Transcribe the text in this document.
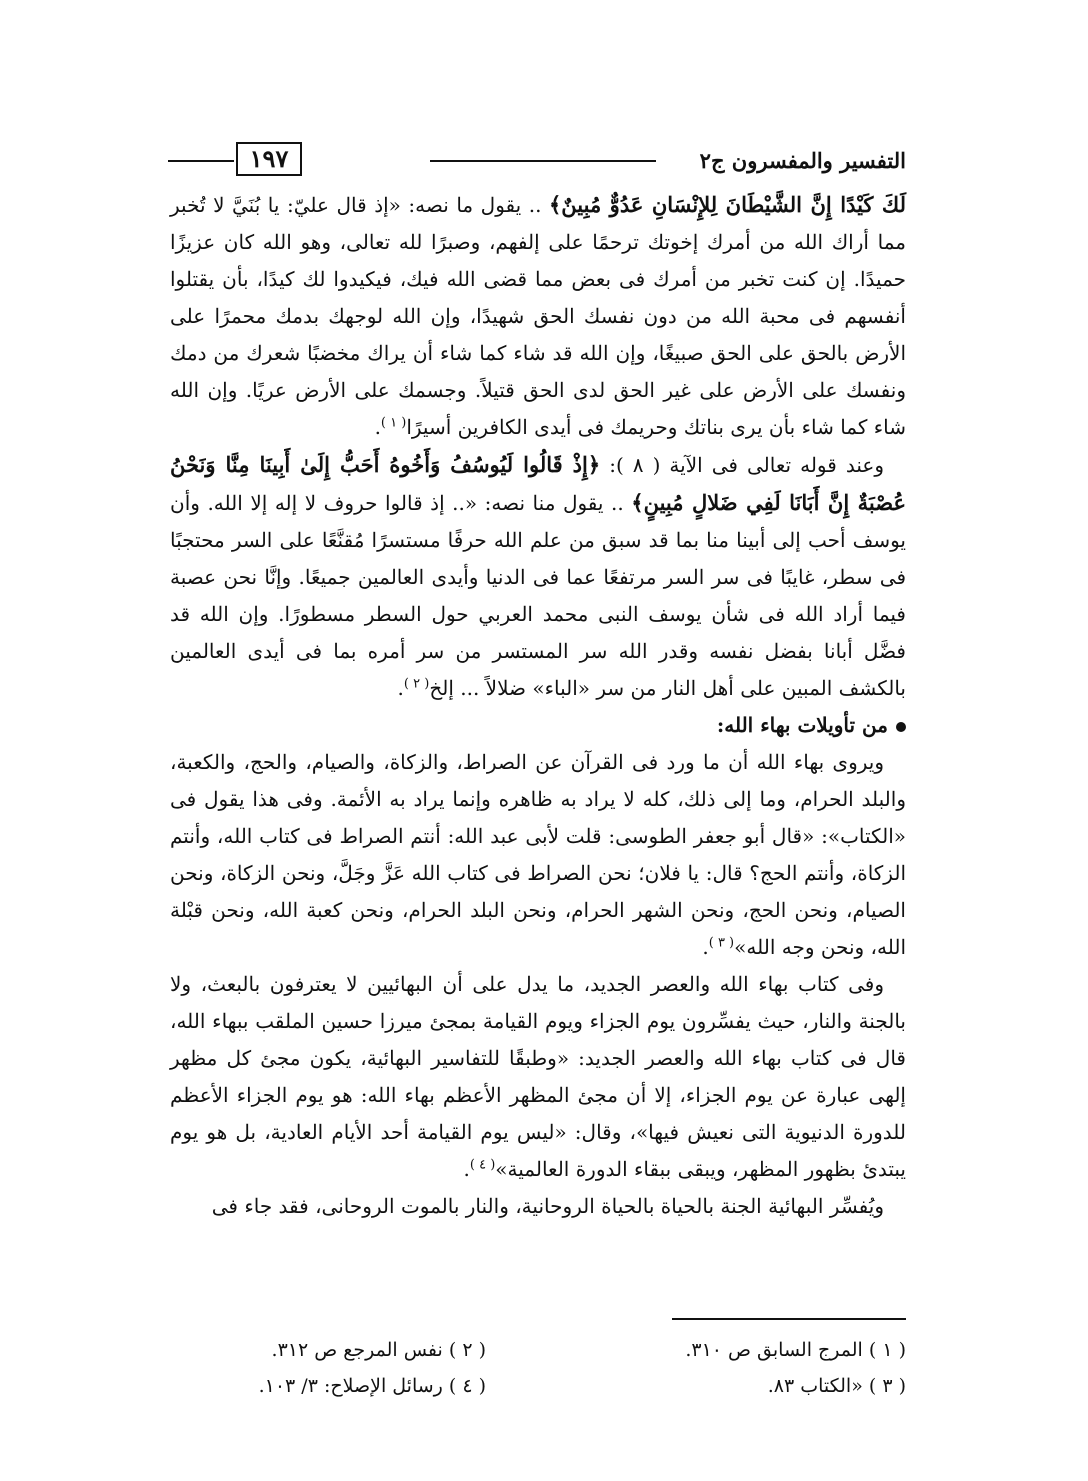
التفسير والمفسرون ج٢
١٩٧

لَكَ كَيْدًا إِنَّ الشَّيْطَانَ لِلإِنْسَانِ عَدُوٌّ مُبِينٌ﴾ .. يقول ما نصه: «إذ قال عليّ: يا بُنَيَّ لا تُخبر مما أراك الله من أمرك إخوتك ترحمًا على إلفهم، وصبرًا لله تعالى، وهو الله كان عزيزًا حميدًا. إن كنت تخبر من أمرك فى بعض مما قضى الله فيك، فيكيدوا لك كيدًا، بأن يقتلوا أنفسهم فى محبة الله من دون نفسك الحق شهيدًا، وإن الله لوجهك بدمك محمرًا على الأرض بالحق على الحق صبيغًا، وإن الله قد شاء كما شاء أن يراك مخضبًا شعرك من دمك ونفسك على الأرض على غير الحق لدى الحق قتيلاً. وجسمك على الأرض عريًا. وإن الله شاء كما شاء بأن يرى بناتك وحريمك فى أيدى الكافرين أسيرًا$^{( ١ )}$.

وعند قوله تعالى فى الآية ( ٨ ): ﴿إِذْ قَالُوا لَيُوسُفُ وَأَخُوهُ أَحَبُّ إِلَىٰ أَبِينَا مِنَّا وَنَحْنُ عُصْبَةٌ إِنَّ أَبَانَا لَفِي ضَلالٍ مُبِينٍ﴾ .. يقول منا نصه: «.. إذ قالوا حروف لا إله إلا الله. وأن يوسف أحب إلى أبينا منا بما قد سبق من علم الله حرفًا مستسرًا مُقنَّعًا على السر محتجبًا فى سطر، غايبًا فى سر السر مرتفعًا عما فى الدنيا وأيدى العالمين جميعًا. وإنَّا نحن عصبة فيما أراد الله فى شأن يوسف النبى محمد العربي حول السطر مسطورًا. وإن الله قد فضَّل أبانا بفضل نفسه وقدر الله سر المستسر من سر أمره بما فى أيدى العالمين بالكشف المبين على أهل النار من سر «الباء» ضلالاً ... إلخ$^{( ٢ )}$.

من تأويلات بهاء الله:

ويروى بهاء الله أن ما ورد فى القرآن عن الصراط، والزكاة، والصيام، والحج، والكعبة، والبلد الحرام، وما إلى ذلك، كله لا يراد به ظاهره وإنما يراد به الأئمة. وفى هذا يقول فى «الكتاب»: «قال أبو جعفر الطوسى: قلت لأبى عبد الله: أنتم الصراط فى كتاب الله، وأنتم الزكاة، وأنتم الحج؟ قال: يا فلان؛ نحن الصراط فى كتاب الله عَزَّ وجَلَّ، ونحن الزكاة، ونحن الصيام، ونحن الحج، ونحن الشهر الحرام، ونحن البلد الحرام، ونحن كعبة الله، ونحن قبْلة الله، ونحن وجه الله»$^{( ٣ )}$.

وفى كتاب بهاء الله والعصر الجديد، ما يدل على أن البهائيين لا يعترفون بالبعث، ولا بالجنة والنار، حيث يفسِّرون يوم الجزاء ويوم القيامة بمجئ ميرزا حسين الملقب ببهاء الله، قال فى كتاب بهاء الله والعصر الجديد: «وطبقًا للتفاسير البهائية، يكون مجئ كل مظهر إلهى عبارة عن يوم الجزاء، إلا أن مجئ المظهر الأعظم بهاء الله: هو يوم الجزاء الأعظم للدورة الدنيوية التى نعيش فيها»، وقال: «ليس يوم القيامة أحد الأيام العادية، بل هو يوم يبتدئ بظهور المظهر، ويبقى ببقاء الدورة العالمية»$^{( ٤ )}$.

ويُفسِّر البهائية الجنة بالحياة بالحياة الروحانية، والنار بالموت الروحانى، فقد جاء فى

( ١ ) المرج السابق ص ٣١٠.
( ٢ ) نفس المرجع ص ٣١٢.
( ٣ ) «الكتاب ٨٣.
( ٤ ) رسائل الإصلاح: ٣/ ١٠٣.
